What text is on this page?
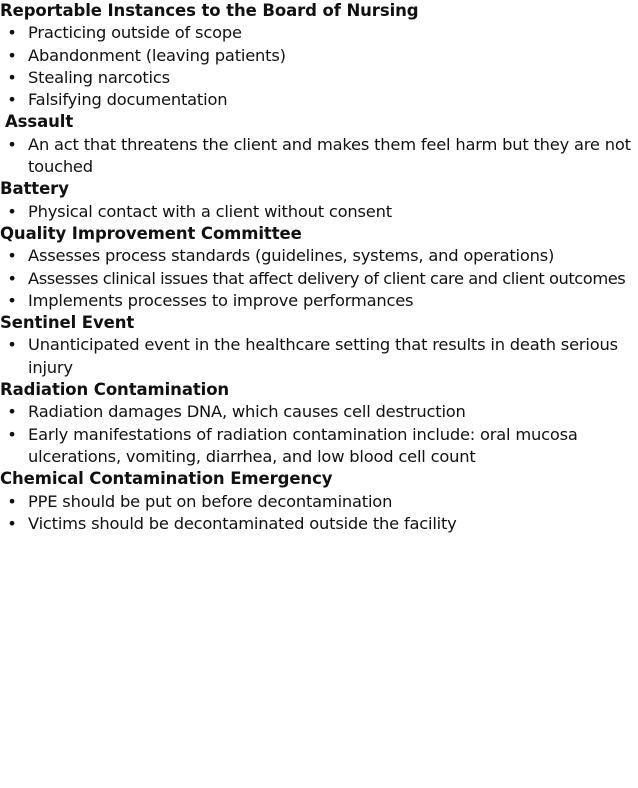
Reportable Instances to the Board of Nursing
• Practicing outside of scope
• Abandonment (leaving patients)
• Stealing narcotics
• Falsifying documentation
Assault
• An act that threatens the client and makes them feel harm but they are not touched
Battery
• Physical contact with a client without consent
Quality Improvement Committee
• Assesses process standards (guidelines, systems, and operations)
• Assesses clinical issues that affect delivery of client care and client outcomes
• Implements processes to improve performances
Sentinel Event
• Unanticipated event in the healthcare setting that results in death serious injury
Radiation Contamination
• Radiation damages DNA, which causes cell destruction
• Early manifestations of radiation contamination include: oral mucosa ulcerations, vomiting, diarrhea, and low blood cell count
Chemical Contamination Emergency
• PPE should be put on before decontamination
• Victims should be decontaminated outside the facility
